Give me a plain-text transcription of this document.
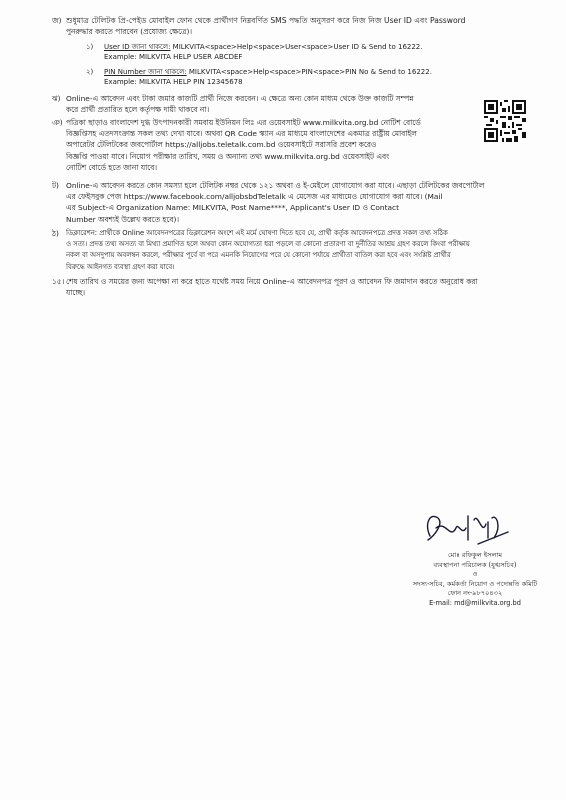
জ) শুধুমাত্র টেলিটক প্রি-পেইড মোবাইল ফোন থেকে প্রার্থীগণ নিম্নবর্ণিত SMS পদ্ধতি অনুসরণ করে নিজ নিজ User ID এবং Password
পুনরুদ্ধার করতে পারবেন (প্রযোজ্য ক্ষেত্রে)।
১) User ID জানা থাকলে: MILKVITA<space>Help<space>User<space>User ID & Send to 16222.
Example: MILKVITA HELP USER ABCDEF
২) PIN Number জানা থাকলে: MILKVITA<space>Help<space>PIN<space>PIN No & Send to 16222.
Example: MILKVITA HELP PIN 12345678
ঝ) Online-এ আবেদন এবং টাকা জমার কাজটি প্রার্থী নিজে করবেন। এ ক্ষেত্রে অন্য কোন মাধ্যম থেকে উক্ত কাজটি সম্পন্ন
করে প্রার্থী প্রতারিত হলে কর্তৃপক্ষ দায়ী থাকবে না।
ঞ) পত্রিকা ছাড়াও বাংলাদেশ দুগ্ধ উৎপাদনকারী সমবায় ইউনিয়ন লিঃ এর ওয়েবসাইট www.milkvita.org.bd নোটিশ বোর্ডে
বিজ্ঞপ্তিসহ এতদসংক্রান্ত সকল তথ্য দেখা যাবে। অথবা QR Code স্ক্যান এর মাধ্যমে বাংলাদেশের একমাত্র রাষ্ট্রীয় মোবাইল
অপারেটর টেলিটকের জবপোর্টাল https://alljobs.teletalk.com.bd ওয়েবসাইটে সরাসরি প্রবেশ করেও
বিজ্ঞপ্তি পাওয়া যাবে। নিয়োগ পরীক্ষার তারিখ, সময় ও অন্যান্য তথ্য www.milkvita.org.bd ওয়েবসাইট এবং
নোটিশ বোর্ডে হতে জানা যাবে।
ট) Online-এ আবেদন করতে কোন সমস্যা হলে টেলিটক নম্বর থেকে ১২১ অথবা ও ই-মেইলে যোগাযোগ করা যাবে। এছাড়া টেলিটকের জবপোর্টাল
এর ফেইসবুক পেজ https://www.facebook.com/alljobsbdTeletalk এ মেসেজ এর মাধ্যমেও যোগাযোগ করা যাবে। (Mail
এর Subject-এ Organization Name: MILKVITA, Post Name****, Applicant's User ID ও Contact
Number অবশ্যই উল্লেখ করতে হবে)।
ঠ) ডিক্লারেশন: প্রার্থীকে Online আবেদনপত্রের ডিক্লারেশন অংশে এই মর্মে ঘোষণা দিতে হবে যে, প্রার্থী কর্তৃক আবেদনপত্রে প্রদত্ত সকল তথ্য সঠিক
ও সত্য। প্রদত্ত তথ্য অসত্য বা মিথ্যা প্রমাণিত হলে অথবা কোন অযোগ্যতা ধরা পড়লে বা কোনো প্রতারণা বা দুর্নীতির আশ্রয় গ্রহণ করলে কিংবা পরীক্ষায়
নকল বা অসদুপায় অবলম্বন করলে, পরীক্ষার পূর্বে বা পরে এমনকি নিয়োগের পরে যে কোনো পর্যায়ে প্রার্থীতা বাতিল করা হবে এবং সংশ্লিষ্ট প্রার্থীর
বিরুদ্ধে আইনগত ব্যবস্থা গ্রহণ করা যাবে।
১৫। শেষ তারিখ ও সময়ের জন্য অপেক্ষা না করে হাতে যথেষ্ট সময় নিয়ে Online-এ আবেদনপত্র পূরণ ও আবেদন ফি জমাদান করতে অনুরোধ করা
যাচ্ছে।
মোঃ রফিকুল ইসলাম
ব্যবস্থাপনা পরিচালক (যুগ্মসচিব)
ও
সদস্য-সচিব, কর্মকর্তা নিয়োগ ও পদোন্নতি কমিটি
ফোন নং-৯৮৭০৪৩২
E-mail: md@milkvita.org.bd
